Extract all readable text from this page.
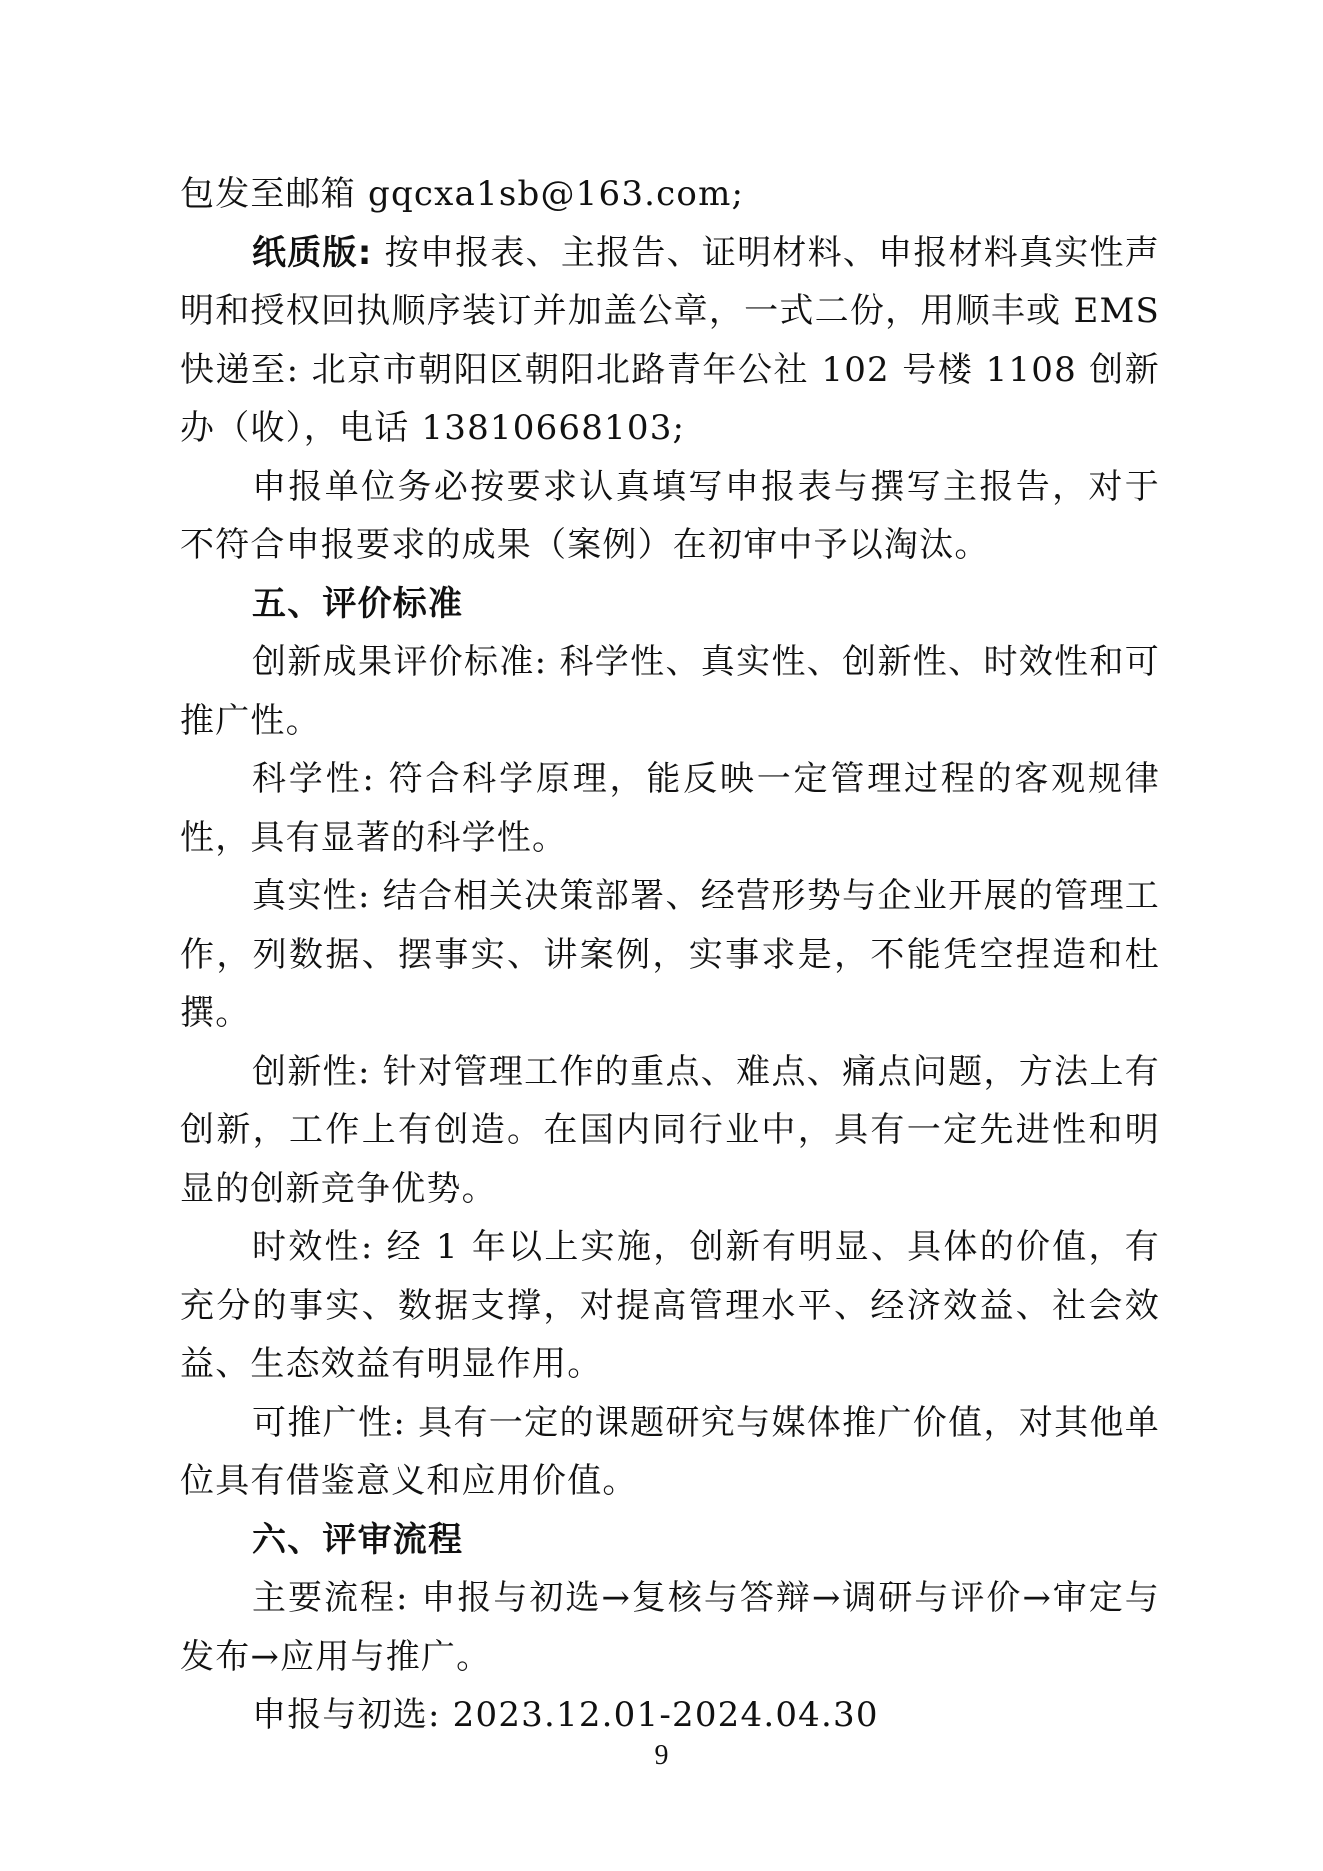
包发至邮箱 gqcxa1sb@163.com;

纸质版: 按申报表、主报告、证明材料、申报材料真实性声明和授权回执顺序装订并加盖公章，一式二份，用顺丰或 EMS 快递至: 北京市朝阳区朝阳北路青年公社 102 号楼 1108 创新办（收），电话 13810668103;

申报单位务必按要求认真填写申报表与撰写主报告，对于不符合申报要求的成果（案例）在初审中予以淘汰。

五、评价标准

创新成果评价标准: 科学性、真实性、创新性、时效性和可推广性。

科学性: 符合科学原理，能反映一定管理过程的客观规律性，具有显著的科学性。

真实性: 结合相关决策部署、经营形势与企业开展的管理工作，列数据、摆事实、讲案例，实事求是，不能凭空捏造和杜撰。

创新性: 针对管理工作的重点、难点、痛点问题，方法上有创新，工作上有创造。在国内同行业中，具有一定先进性和明显的创新竞争优势。

时效性: 经 1 年以上实施，创新有明显、具体的价值，有充分的事实、数据支撑，对提高管理水平、经济效益、社会效益、生态效益有明显作用。

可推广性: 具有一定的课题研究与媒体推广价值，对其他单位具有借鉴意义和应用价值。

六、评审流程

主要流程: 申报与初选→复核与答辩→调研与评价→审定与发布→应用与推广。

申报与初选: 2023.12.01-2024.04.30

9
